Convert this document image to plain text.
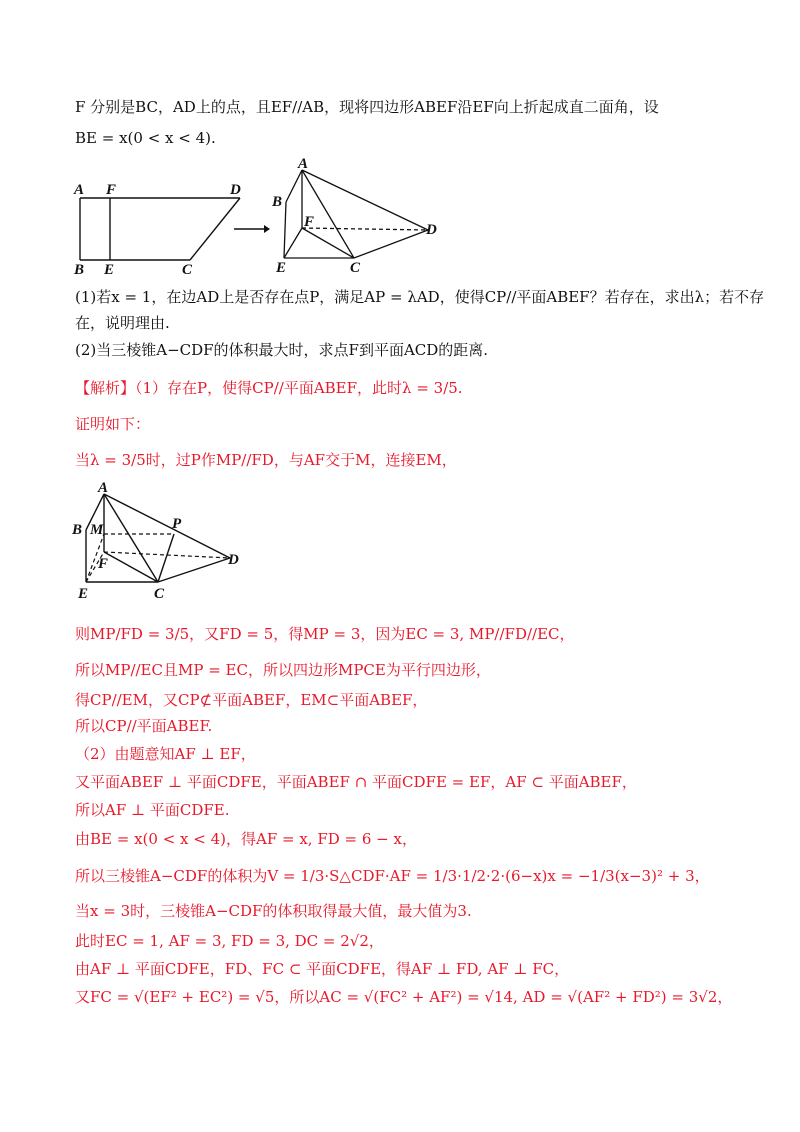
F 分别是BC，AD上的点，且EF//AB，现将四边形ABEF沿EF向上折起成直二面角，设
BE = x(0 < x < 4).
A F	D
B E	C
A
B
F	D
E	C
(1)若x = 1，在边AD上是否存在点P，满足AP = λAD，使得CP//平面ABEF？若存在，求出λ；若不存
在，说明理由.
(2)当三棱锥A−CDF的体积最大时，求点F到平面ACD的距离.
【解析】（1）存在P，使得CP//平面ABEF，此时λ = 3/5.
证明如下：
当λ = 3/5时，过P作MP//FD，与AF交于M，连接EM，
A
B M	P
F	D
E	C
则MP/FD = 3/5，又FD = 5，得MP = 3，因为EC = 3, MP//FD//EC，
所以MP//EC且MP = EC，所以四边形MPCE为平行四边形，
得CP//EM，又CP⊄平面ABEF，EM⊂平面ABEF，
所以CP//平面ABEF.
（2）由题意知AF ⊥ EF，
又平面ABEF ⊥ 平面CDFE，平面ABEF ∩ 平面CDFE = EF，AF ⊂ 平面ABEF，
所以AF ⊥ 平面CDFE.
由BE = x(0 < x < 4)，得AF = x, FD = 6 − x，
所以三棱锥A−CDF的体积为V = 1/3·S△CDF·AF = 1/3·1/2·2·(6−x)x = −1/3(x−3)² + 3，
当x = 3时，三棱锥A−CDF的体积取得最大值，最大值为3.
此时EC = 1, AF = 3, FD = 3, DC = 2√2，
由AF ⊥ 平面CDFE，FD、FC ⊂ 平面CDFE，得AF ⊥ FD, AF ⊥ FC，
又FC = √(EF² + EC²) = √5，所以AC = √(FC² + AF²) = √14, AD = √(AF² + FD²) = 3√2，
